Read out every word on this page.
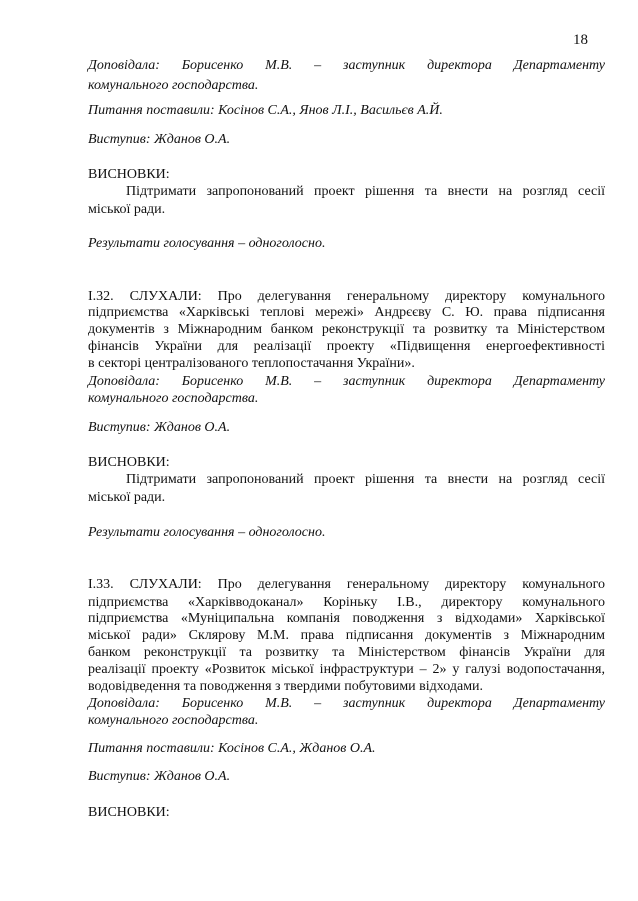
18
Доповідала: Борисенко М.В. – заступник директора Департаменту
комунального господарства.
Питання поставили: Косінов С.А., Янов Л.І., Васильєв А.Й.
Виступив: Жданов О.А.
ВИСНОВКИ:
Підтримати запропонований проект рішення та внести на розгляд сесії
міської ради.
Результати голосування – одноголосно.
І.32. СЛУХАЛИ: Про делегування генеральному директору комунального
підприємства «Харківські теплові мережі» Андрєєву С. Ю. права підписання
документів з Міжнародним банком реконструкції та розвитку та Міністерством
фінансів України для реалізації проекту «Підвищення енергоефективності
в секторі централізованого теплопостачання України».
Доповідала: Борисенко М.В. – заступник директора Департаменту
комунального господарства.
Виступив: Жданов О.А.
ВИСНОВКИ:
Підтримати запропонований проект рішення та внести на розгляд сесії
міської ради.
Результати голосування – одноголосно.
І.33. СЛУХАЛИ: Про делегування генеральному директору комунального
підприємства «Харківводоканал» Корінькy І.В., директору комунального
підприємства «Муніципальна компанія поводження з відходами» Харківської
міської ради» Склярову М.М. права підписання документів з Міжнародним
банком реконструкції та розвитку та Міністерством фінансів України для
реалізації проекту «Розвиток міської інфраструктури – 2» у галузі водопостачання,
водовідведення та поводження з твердими побутовими відходами.
Доповідала: Борисенко М.В. – заступник директора Департаменту
комунального господарства.
Питання поставили: Косінов С.А., Жданов О.А.
Виступив: Жданов О.А.
ВИСНОВКИ:
